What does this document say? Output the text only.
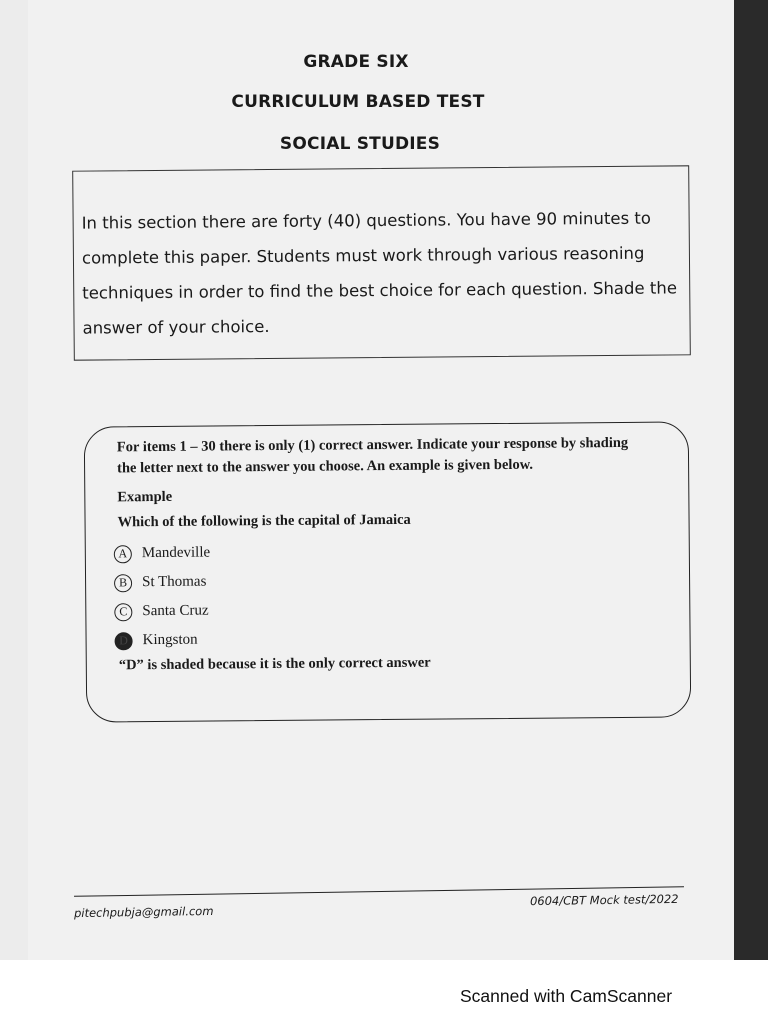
GRADE SIX
CURRICULUM BASED TEST
SOCIAL STUDIES
In this section there are forty (40) questions. You have 90 minutes to
complete this paper. Students must work through various reasoning
techniques in order to find the best choice for each question. Shade the
answer of your choice.
For items 1 – 30 there is only (1) correct answer. Indicate your response by shading
the letter next to the answer you choose. An example is given below.
Example
Which of the following is the capital of Jamaica
A Mandeville
B St Thomas
C Santa Cruz
D Kingston
“D” is shaded because it is the only correct answer
0604/CBT Mock test/2022
pitechpubja@gmail.com
Scanned with CamScanner
